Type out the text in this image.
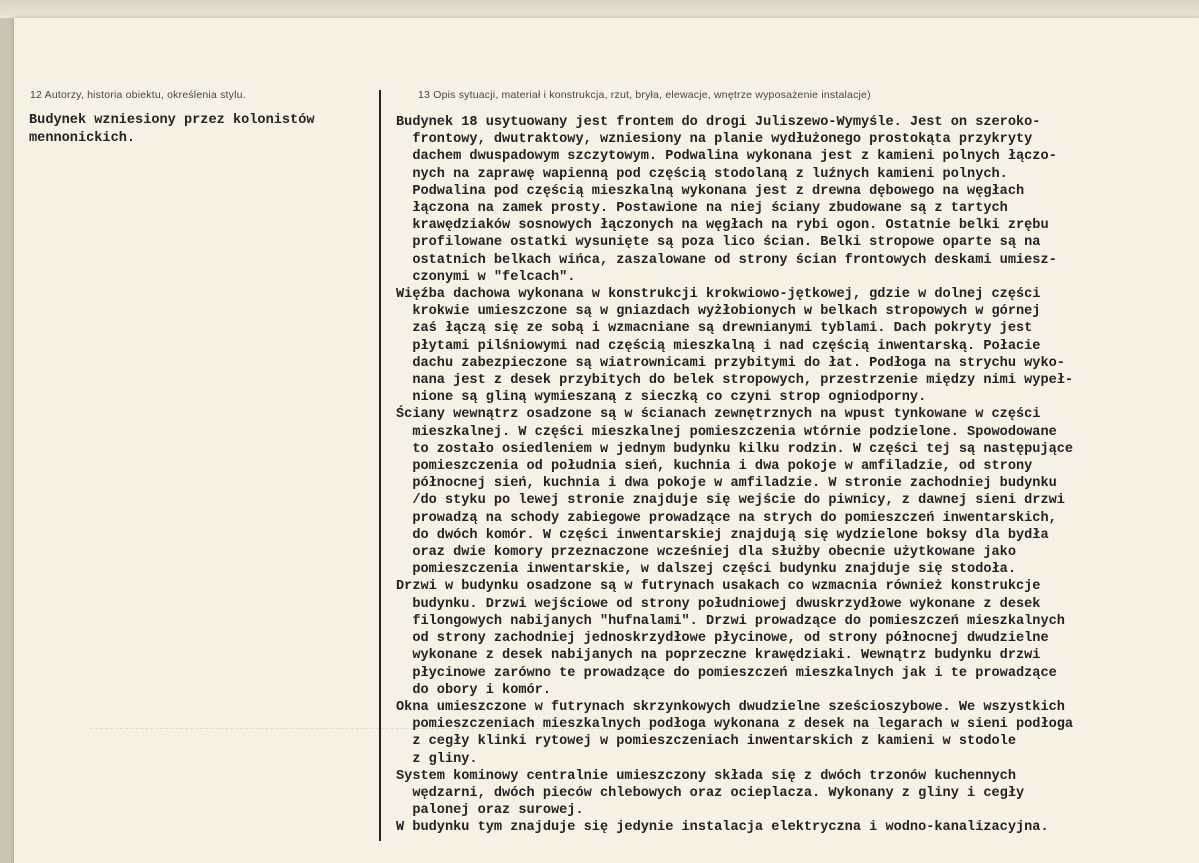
12 Autorzy, historia obiektu, określenia stylu.	13 Opis sytuacji, materiał i konstrukcja, rzut, bryła, elewacje, wnętrze wyposażenie instalacje)
Budynek wzniesiony przez kolonistów
mennonickich.
Budynek 18 usytuowany jest frontem do drogi Juliszewo-Wymyśle. Jest on szeroko-
frontowy, dwutraktowy, wzniesiony na planie wydłużonego prostokąta przykryty
dachem dwuspadowym szczytowym. Podwalina wykonana jest z kamieni polnych łączo-
nych na zaprawę wapienną pod częścią stodolaną z luźnych kamieni polnych.
Podwalina pod częścią mieszkalną wykonana jest z drewna dębowego na węgłach
łączona na zamek prosty. Postawione na niej ściany zbudowane są z tartych
krawędziaków sosnowych łączonych na węgłach na rybi ogon. Ostatnie belki zrębu
profilowane ostatki wysunięte są poza lico ścian. Belki stropowe oparte są na
ostatnich belkach wińca, zaszalowane od strony ścian frontowych deskami umiesz-
czonymi w "felcach".
Więźba dachowa wykonana w konstrukcji krokwiowo-jętkowej, gdzie w dolnej części
krokwie umieszczone są w gniazdach wyżłobionych w belkach stropowych w górnej
zaś łączą się ze sobą i wzmacniane są drewnianymi tyblami. Dach pokryty jest
płytami pilśniowymi nad częścią mieszkalną i nad częścią inwentarską. Połacie
dachu zabezpieczone są wiatrownicami przybitymi do łat. Podłoga na strychu wyko-
nana jest z desek przybitych do belek stropowych, przestrzenie między nimi wypeł-
nione są gliną wymieszaną z sieczką co czyni strop ogniodporny.
Ściany wewnątrz osadzone są w ścianach zewnętrznych na wpust tynkowane w części
mieszkalnej. W części mieszkalnej pomieszczenia wtórnie podzielone. Spowodowane
to zostało osiedleniem w jednym budynku kilku rodzin. W części tej są następujące
pomieszczenia od południa sień, kuchnia i dwa pokoje w amfiladzie, od strony
północnej sień, kuchnia i dwa pokoje w amfiladzie. W stronie zachodniej budynku
/do styku po lewej stronie znajduje się wejście do piwnicy, z dawnej sieni drzwi
prowadzą na schody zabiegowe prowadzące na strych do pomieszczeń inwentarskich,
do dwóch komór. W części inwentarskiej znajdują się wydzielone boksy dla bydła
oraz dwie komory przeznaczone wcześniej dla służby obecnie użytkowane jako
pomieszczenia inwentarskie, w dalszej części budynku znajduje się stodoła.
Drzwi w budynku osadzone są w futrynach usakach co wzmacnia również konstrukcje
budynku. Drzwi wejściowe od strony południowej dwuskrzydłowe wykonane z desek
filongowych nabijanych "hufnalami". Drzwi prowadzące do pomieszczeń mieszkalnych
od strony zachodniej jednoskrzydłowe płycinowe, od strony północnej dwudzielne
wykonane z desek nabijanych na poprzeczne krawędziaki. Wewnątrz budynku drzwi
płycinowe zarówno te prowadzące do pomieszczeń mieszkalnych jak i te prowadzące
do obory i komór.
Okna umieszczone w futrynach skrzynkowych dwudzielne sześcioszybowe. We wszystkich
pomieszczeniach mieszkalnych podłoga wykonana z desek na legarach w sieni podłoga
z cegły klinki rytowej w pomieszczeniach inwentarskich z kamieni w stodole
z gliny.
System kominowy centralnie umieszczony składa się z dwóch trzonów kuchennych
wędzarni, dwóch pieców chlebowych oraz ocieplacza. Wykonany z gliny i cegły
palonej oraz surowej.
W budynku tym znajduje się jedynie instalacja elektryczna i wodno-kanalizacyjna.
